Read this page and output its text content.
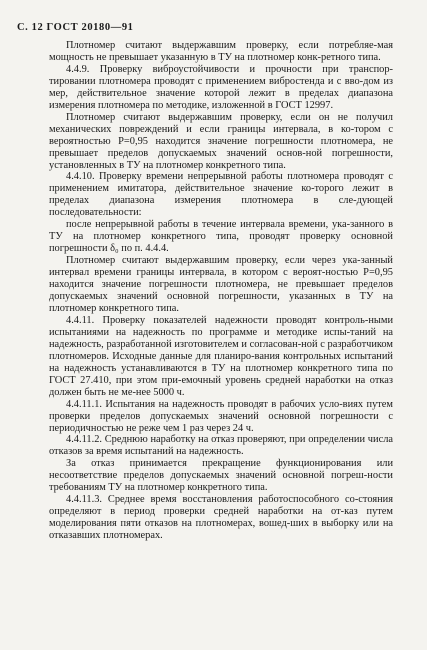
С. 12 ГОСТ 20180—91

Плотномер считают выдержавшим проверку, если потребляе-мая мощность не превышает указанную в ТУ на плотномер конк-ретного типа.

4.4.9. Проверку виброустойчивости и прочности при транспор-тировании плотномера проводят с применением вибростенда и с вво-дом из мер, действительное значение которой лежит в пределах диапазона измерения плотномера по методике, изложенной в ГОСТ 12997.

Плотномер считают выдержавшим проверку, если он не получил механических повреждений и если границы интервала, в ко-тором с вероятностью P=0,95 находится значение погрешности плотномера, не превышает пределов допускаемых значений основ-ной погрешности, установленных в ТУ на плотномер конкретного типа.

4.4.10. Проверку времени непрерывной работы плотномера проводят с применением имитатора, действительное значение ко-торого лежит в пределах диапазона измерения плотномера в сле-дующей последовательности:

после непрерывной работы в течение интервала времени, ука-занного в ТУ на плотномер конкретного типа, проводят проверку основной погрешности δ₀ по п. 4.4.4.

Плотномер считают выдержавшим проверку, если через ука-занный интервал времени границы интервала, в котором с вероят-ностью P=0,95 находится значение погрешности плотномера, не превышает пределов допускаемых значений основной погрешности, указанных в ТУ на плотномер конкретного типа.

4.4.11. Проверку показателей надежности проводят контроль-ными испытаниями на надежность по программе и методике испы-таний на надежность, разработанной изготовителем и согласован-ной с разработчиком плотномеров. Исходные данные для планиро-вания контрольных испытаний на надежность устанавливаются в ТУ на плотномер конкретного типа по ГОСТ 27.410, при этом при-емочный уровень средней наработки на отказ должен быть не ме-нее 5000 ч.

4.4.11.1. Испытания на надежность проводят в рабочих усло-виях путем проверки пределов допускаемых значений основной погрешности с периодичностью не реже чем 1 раз через 24 ч.

4.4.11.2. Среднюю наработку на отказ проверяют, при определении числа отказов за время испытаний на надежность.

За отказ принимается прекращение функционирования или несоответствие пределов допускаемых значений основной погреш-ности требованиям ТУ на плотномер конкретного типа.

4.4.11.3. Среднее время восстановления работоспособного со-стояния определяют в период проверки средней наработки на от-каз путем моделирования пяти отказов на плотномерах, вошед-ших в выборку или на отказавших плотномерах.
